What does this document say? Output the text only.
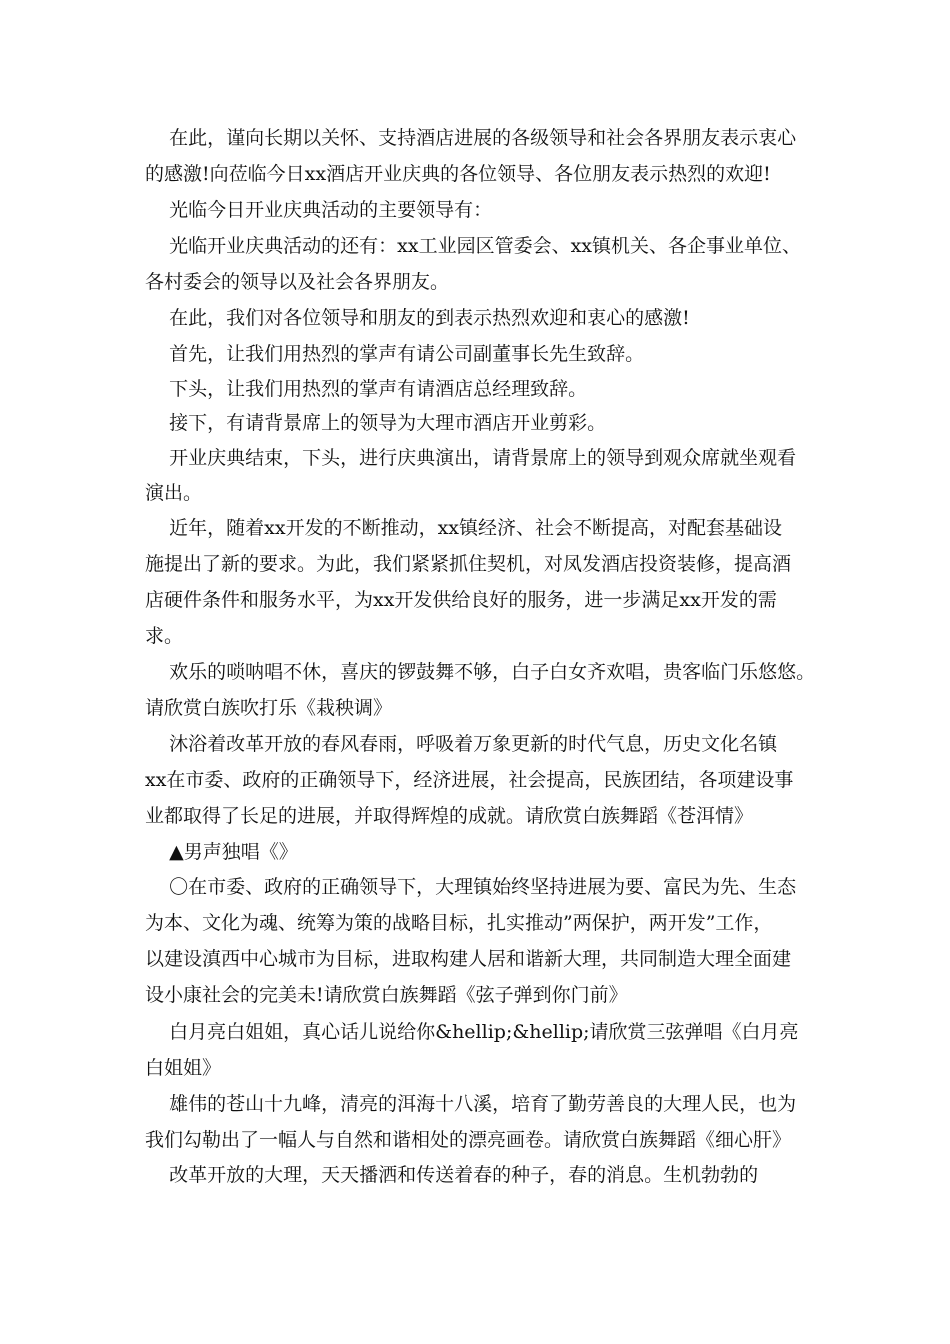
在此，谨向长期以关怀、支持酒店进展的各级领导和社会各界朋友表示衷心
的感激!向莅临今日xx酒店开业庆典的各位领导、各位朋友表示热烈的欢迎!
光临今日开业庆典活动的主要领导有：
光临开业庆典活动的还有：xx工业园区管委会、xx镇机关、各企事业单位、
各村委会的领导以及社会各界朋友。
在此，我们对各位领导和朋友的到表示热烈欢迎和衷心的感激!
首先，让我们用热烈的掌声有请公司副董事长先生致辞。
下头，让我们用热烈的掌声有请酒店总经理致辞。
接下，有请背景席上的领导为大理市酒店开业剪彩。
开业庆典结束，下头，进行庆典演出，请背景席上的领导到观众席就坐观看
演出。
近年，随着xx开发的不断推动，xx镇经济、社会不断提高，对配套基础设
施提出了新的要求。为此，我们紧紧抓住契机，对凤发酒店投资装修，提高酒
店硬件条件和服务水平，为xx开发供给良好的服务，进一步满足xx开发的需
求。
欢乐的唢呐唱不休，喜庆的锣鼓舞不够，白子白女齐欢唱，贵客临门乐悠悠。
请欣赏白族吹打乐《栽秧调》
沐浴着改革开放的春风春雨，呼吸着万象更新的时代气息，历史文化名镇
xx在市委、政府的正确领导下，经济进展，社会提高，民族团结，各项建设事
业都取得了长足的进展，并取得辉煌的成就。请欣赏白族舞蹈《苍洱情》
▲男声独唱《》
〇在市委、政府的正确领导下，大理镇始终坚持进展为要、富民为先、生态
为本、文化为魂、统筹为策的战略目标，扎实推动”两保护，两开发”工作，
以建设滇西中心城市为目标，进取构建人居和谐新大理，共同制造大理全面建
设小康社会的完美未!请欣赏白族舞蹈《弦子弹到你门前》
白月亮白姐姐，真心话儿说给你&hellip;&hellip;请欣赏三弦弹唱《白月亮
白姐姐》
雄伟的苍山十九峰，清亮的洱海十八溪，培育了勤劳善良的大理人民，也为
我们勾勒出了一幅人与自然和谐相处的漂亮画卷。请欣赏白族舞蹈《细心肝》
改革开放的大理，天天播洒和传送着春的种子，春的消息。生机勃勃的
